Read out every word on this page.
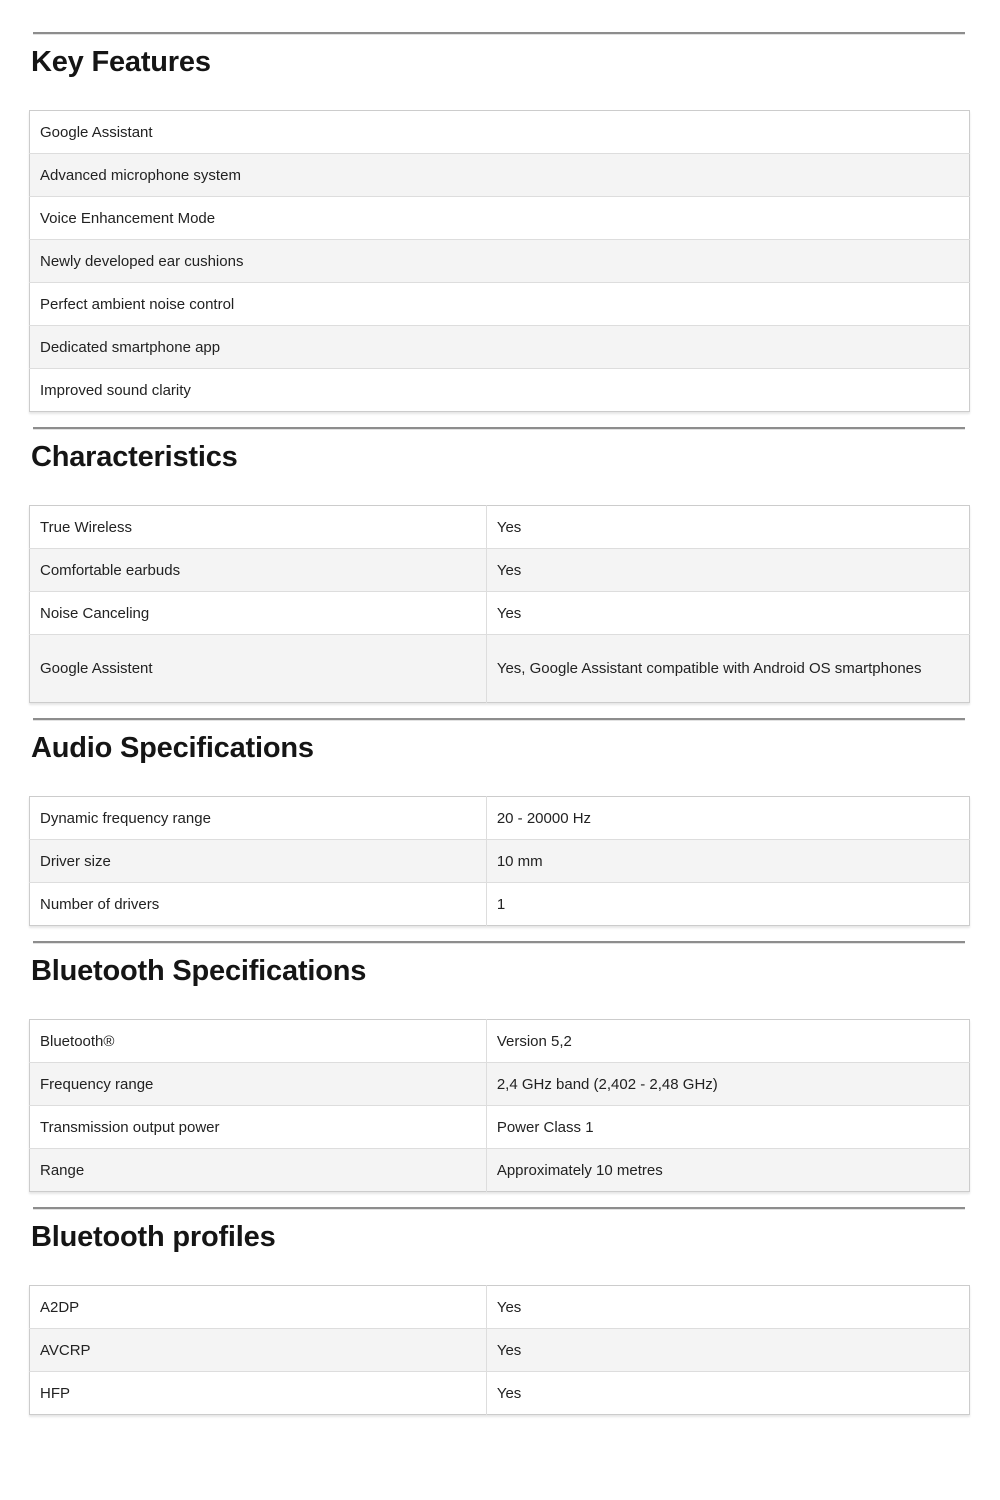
Key Features
Google Assistant
Advanced microphone system
Voice Enhancement Mode
Newly developed ear cushions
Perfect ambient noise control
Dedicated smartphone app
Improved sound clarity
Characteristics
True Wireless	Yes
Comfortable earbuds	Yes
Noise Canceling	Yes
Google Assistent	Yes, Google Assistant compatible with Android OS smartphones
Audio Specifications
Dynamic frequency range	20 - 20000 Hz
Driver size	10 mm
Number of drivers	1
Bluetooth Specifications
Bluetooth®	Version 5,2
Frequency range	2,4 GHz band (2,402 - 2,48 GHz)
Transmission output power	Power Class 1
Range	Approximately 10 metres
Bluetooth profiles
A2DP	Yes
AVCRP	Yes
HFP	Yes
